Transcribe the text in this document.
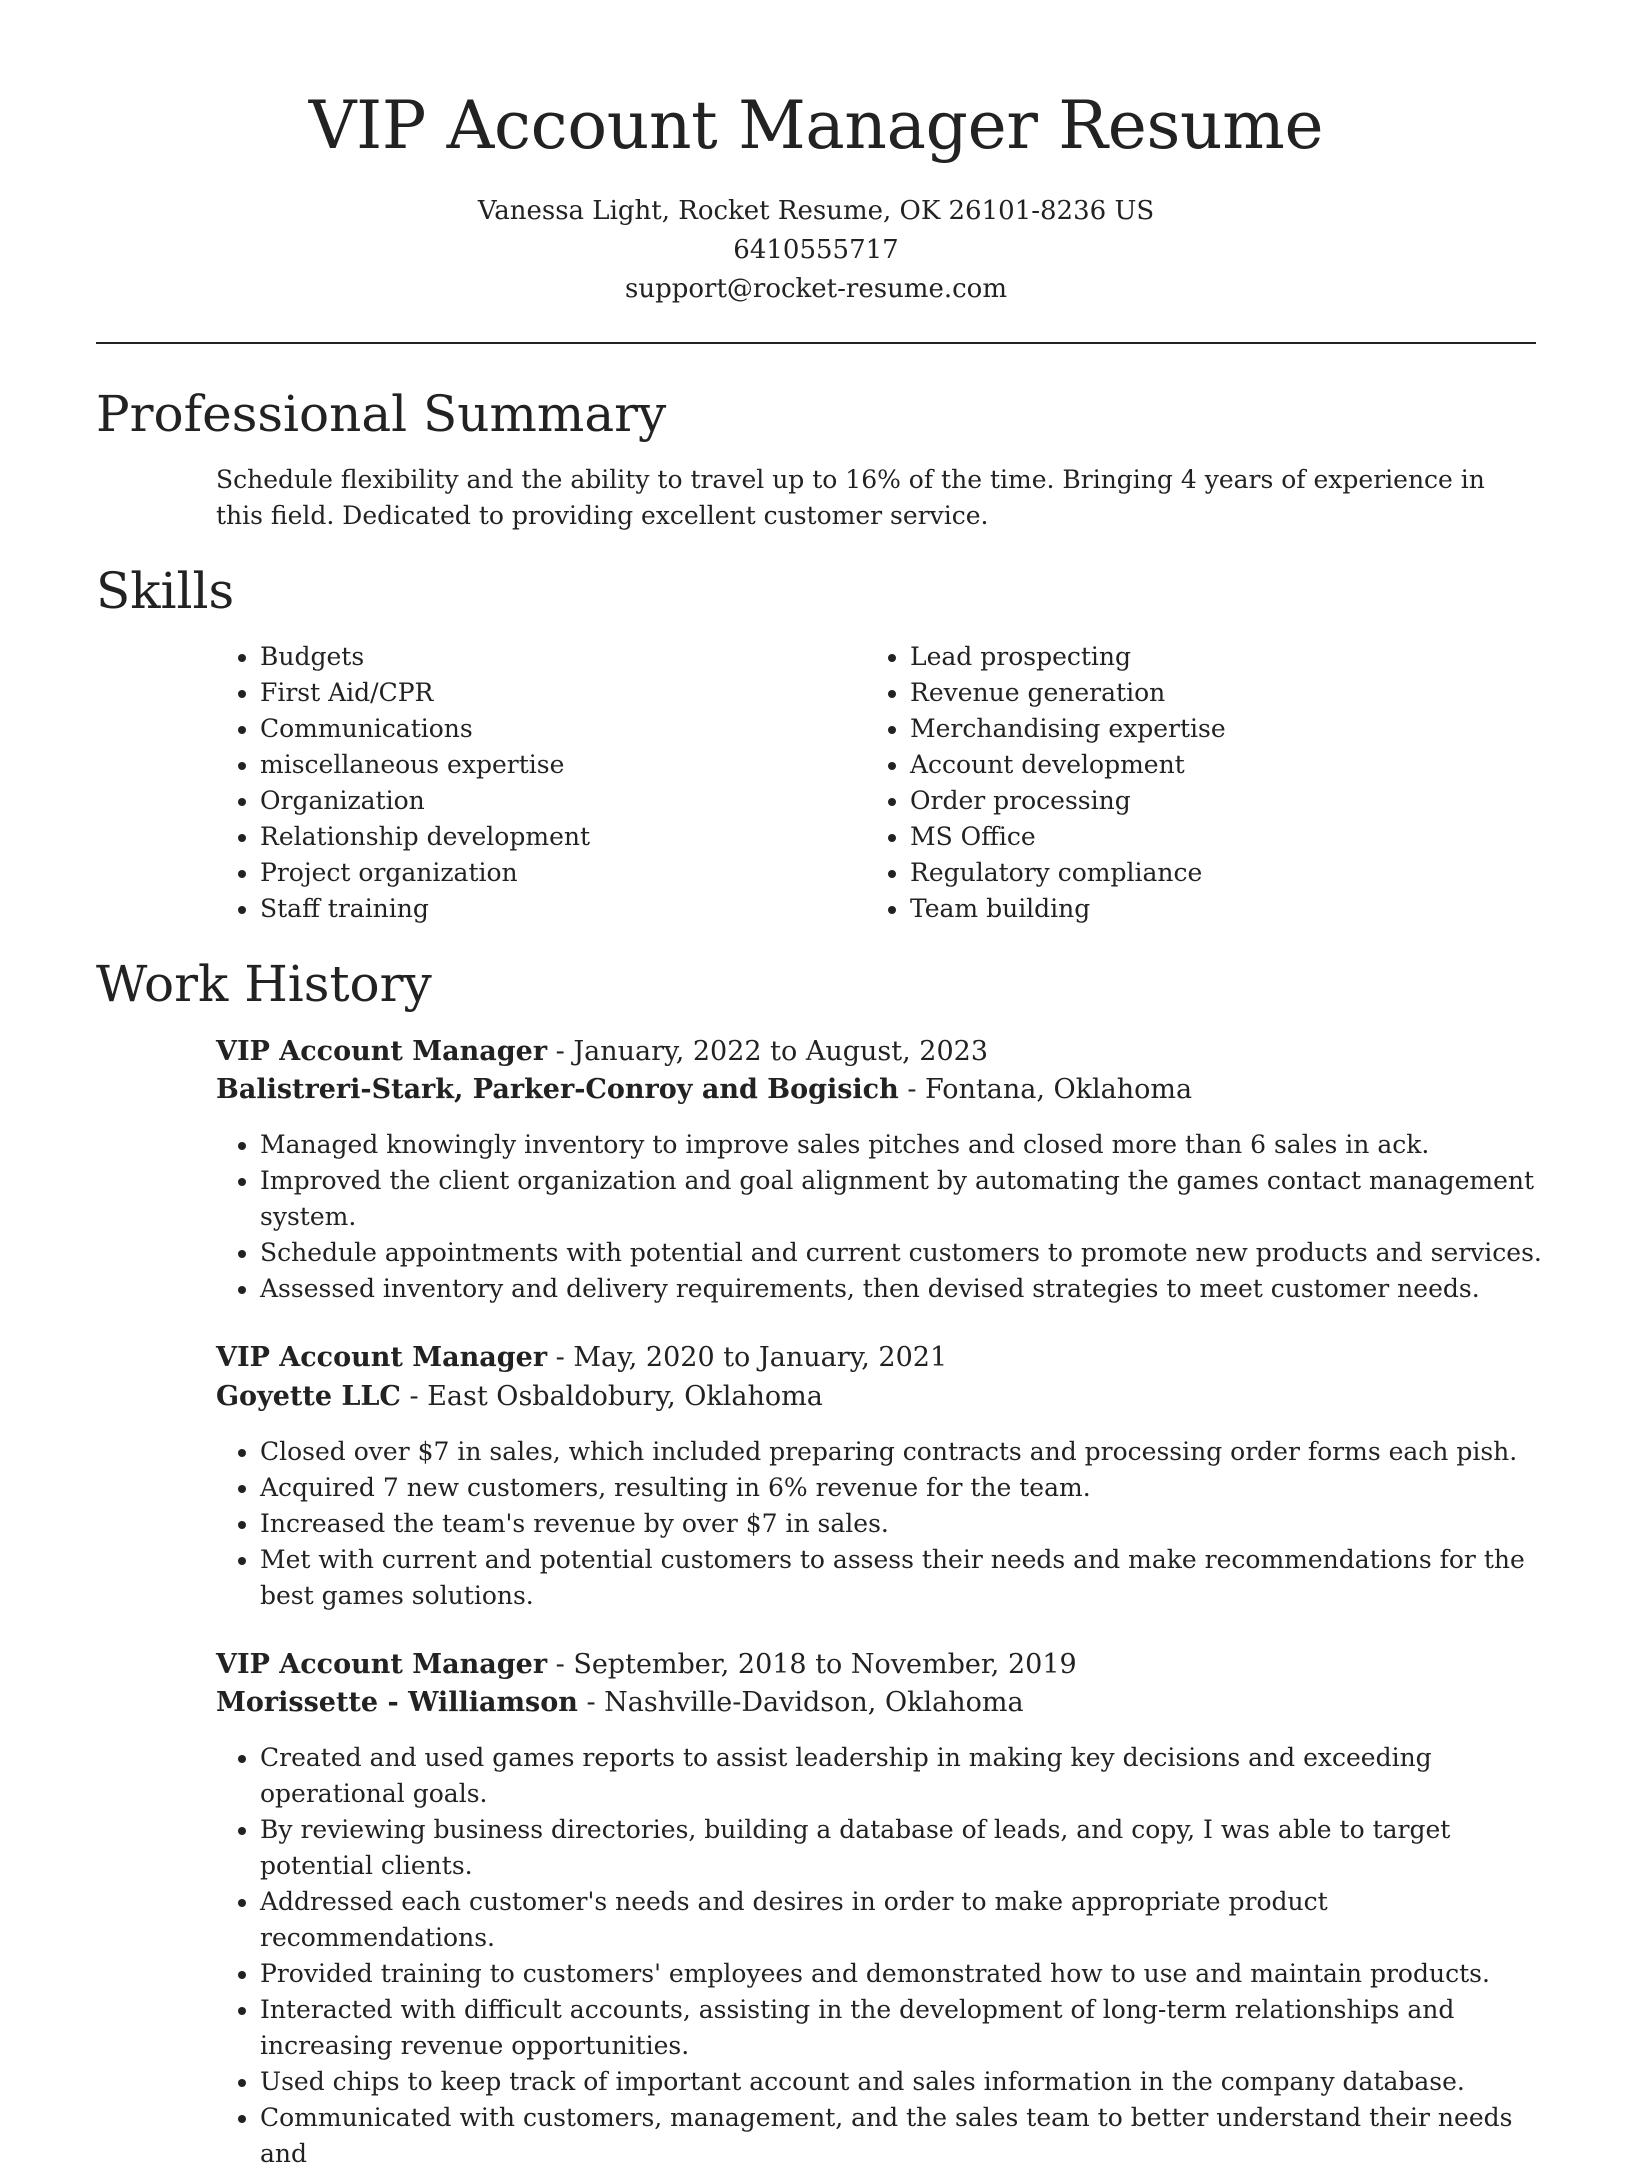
VIP Account Manager Resume
Vanessa Light, Rocket Resume, OK 26101-8236 US
6410555717
support@rocket-resume.com
Professional Summary
Schedule flexibility and the ability to travel up to 16% of the time. Bringing 4 years of experience in this field. Dedicated to providing excellent customer service.
Skills
• Budgets
• First Aid/CPR
• Communications
• miscellaneous expertise
• Organization
• Relationship development
• Project organization
• Staff training
• Lead prospecting
• Revenue generation
• Merchandising expertise
• Account development
• Order processing
• MS Office
• Regulatory compliance
• Team building
Work History
VIP Account Manager - January, 2022 to August, 2023
Balistreri-Stark, Parker-Conroy and Bogisich - Fontana, Oklahoma
• Managed knowingly inventory to improve sales pitches and closed more than 6 sales in ack.
• Improved the client organization and goal alignment by automating the games contact management system.
• Schedule appointments with potential and current customers to promote new products and services.
• Assessed inventory and delivery requirements, then devised strategies to meet customer needs.
VIP Account Manager - May, 2020 to January, 2021
Goyette LLC - East Osbaldobury, Oklahoma
• Closed over $7 in sales, which included preparing contracts and processing order forms each pish.
• Acquired 7 new customers, resulting in 6% revenue for the team.
• Increased the team's revenue by over $7 in sales.
• Met with current and potential customers to assess their needs and make recommendations for the best games solutions.
VIP Account Manager - September, 2018 to November, 2019
Morissette - Williamson - Nashville-Davidson, Oklahoma
• Created and used games reports to assist leadership in making key decisions and exceeding operational goals.
• By reviewing business directories, building a database of leads, and copy, I was able to target potential clients.
• Addressed each customer's needs and desires in order to make appropriate product recommendations.
• Provided training to customers' employees and demonstrated how to use and maintain products.
• Interacted with difficult accounts, assisting in the development of long-term relationships and increasing revenue opportunities.
• Used chips to keep track of important account and sales information in the company database.
• Communicated with customers, management, and the sales team to better understand their needs and
